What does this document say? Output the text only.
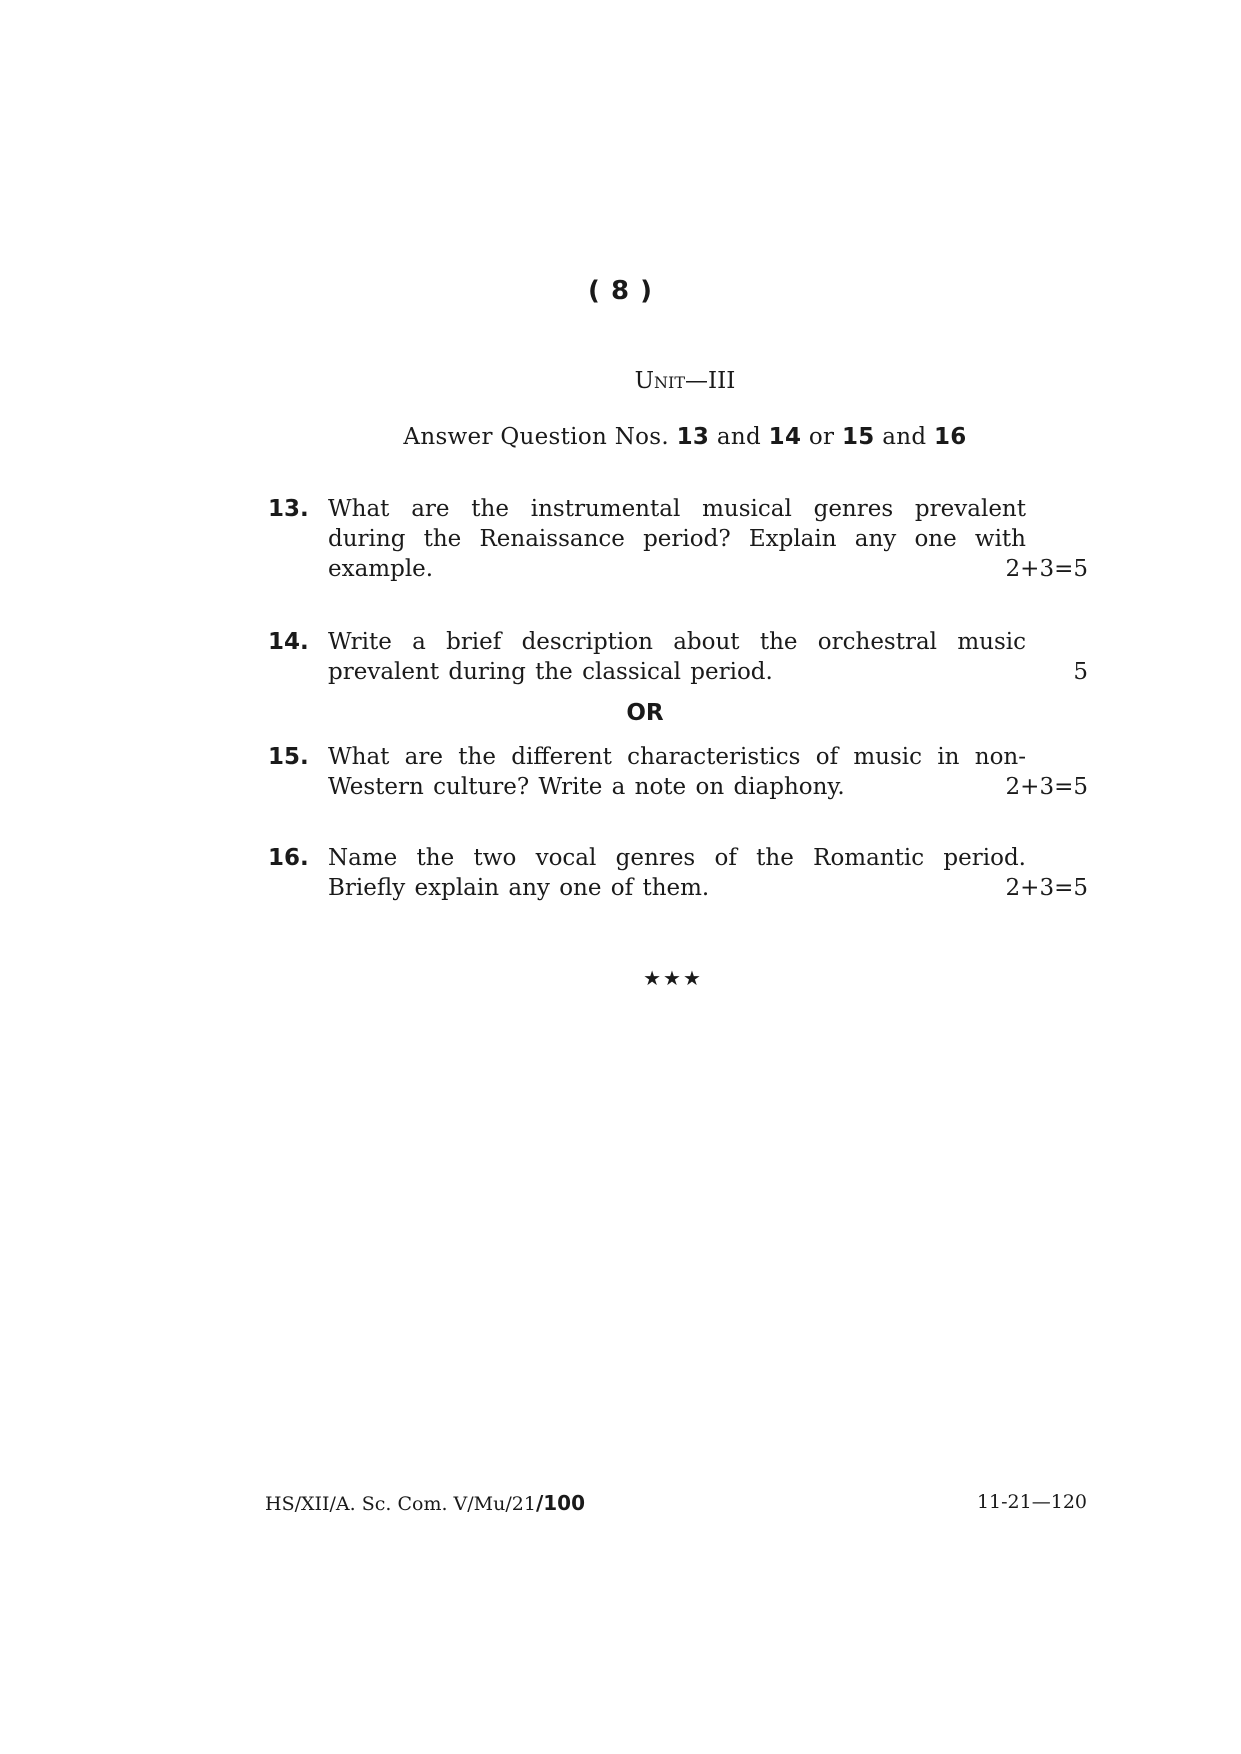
( 8 )
Unit—III
Answer Question Nos. 13 and 14 or 15 and 16
13. What are the instrumental musical genres prevalent
during the Renaissance period? Explain any one with
example.	2+3=5
14. Write a brief description about the orchestral music
prevalent during the classical period.	5
OR
15. What are the different characteristics of music in non-
Western culture? Write a note on diaphony.	2+3=5
16. Name the two vocal genres of the Romantic period.
Briefly explain any one of them.	2+3=5
★★★
HS/XII/A. Sc. Com. V/Mu/21/100	11-21—120
